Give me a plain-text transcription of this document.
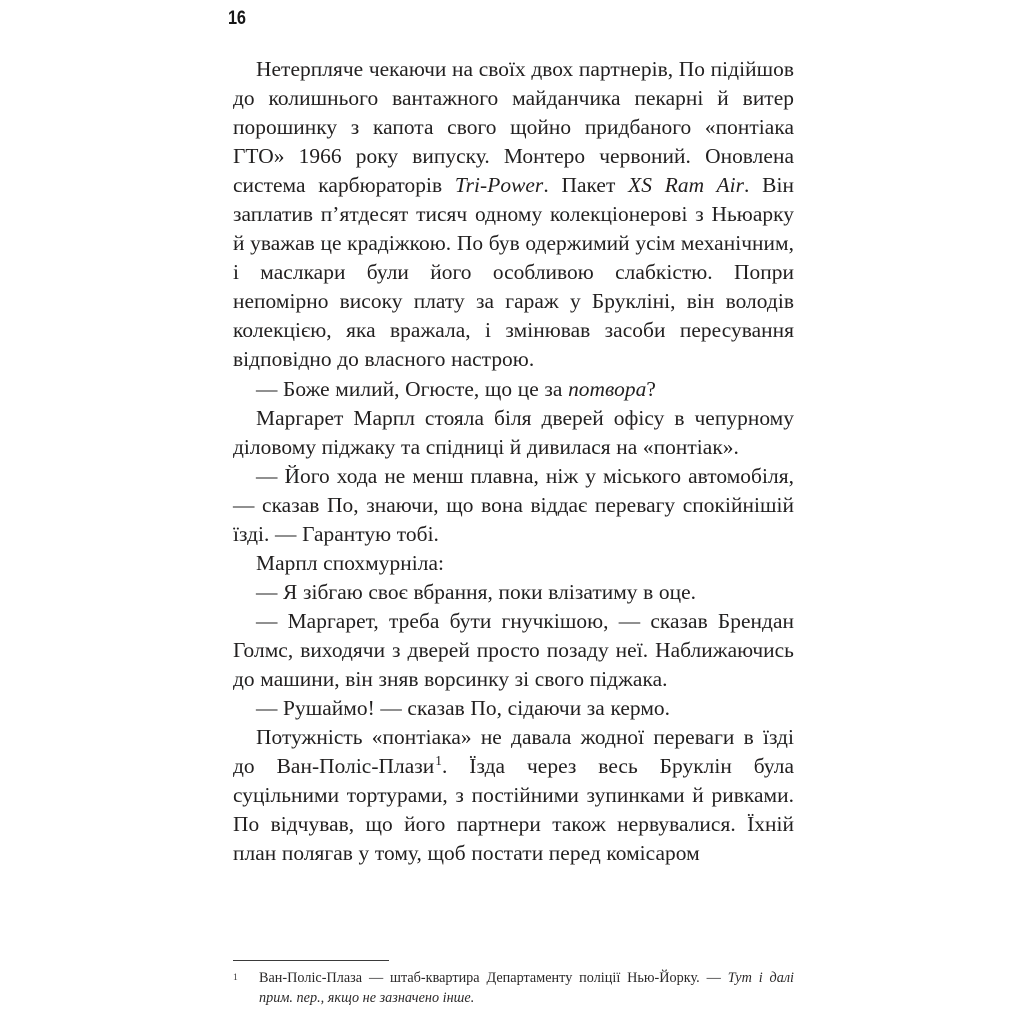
16

Нетерпляче чекаючи на своїх двох партнерів, По підійшов до колишнього вантажного майданчика пекарні й витер порошинку з капота свого щойно придбаного «понтіака ГТО» 1966 року випуску. Монтеро червоний. Оновлена система карбюраторів Tri-Power. Пакет XS Ram Air. Він заплатив п’ятдесят тисяч одному колекціонерові з Ньюарку й уважав це крадіжкою. По був одержимий усім механічним, і маслкари були його особливою слабкістю. Попри непомірно високу плату за гараж у Брукліні, він володів колекцією, яка вражала, і змінював засоби пересування відповідно до власного настрою.

— Боже милий, Огюсте, що це за потвора?

Маргарет Марпл стояла біля дверей офісу в чепурному діловому піджаку та спідниці й дивилася на «понтіак».

— Його хода не менш плавна, ніж у міського автомобіля, — сказав По, знаючи, що вона віддає перевагу спокійнішій їзді. — Гарантую тобі.

Марпл спохмурніла:

— Я зібгаю своє вбрання, поки влізатиму в оце.

— Маргарет, треба бути гнучкішою, — сказав Брендан Голмс, виходячи з дверей просто позаду неї. Наближаючись до машини, він зняв ворсинку зі свого піджака.

— Рушаймо! — сказав По, сідаючи за кермо.

Потужність «понтіака» не давала жодної переваги в їзді до Ван-Поліс-Плази$^1$. Їзда через весь Бруклін була суцільними тортурами, з постійними зупинками й ривками. По відчував, що його партнери також нервувалися. Їхній план полягав у тому, щоб постати перед комісаром

1 Ван-Поліс-Плаза — штаб-квартира Департаменту поліції Нью-Йорку. — Тут і далі прим. пер., якщо не зазначено інше.
